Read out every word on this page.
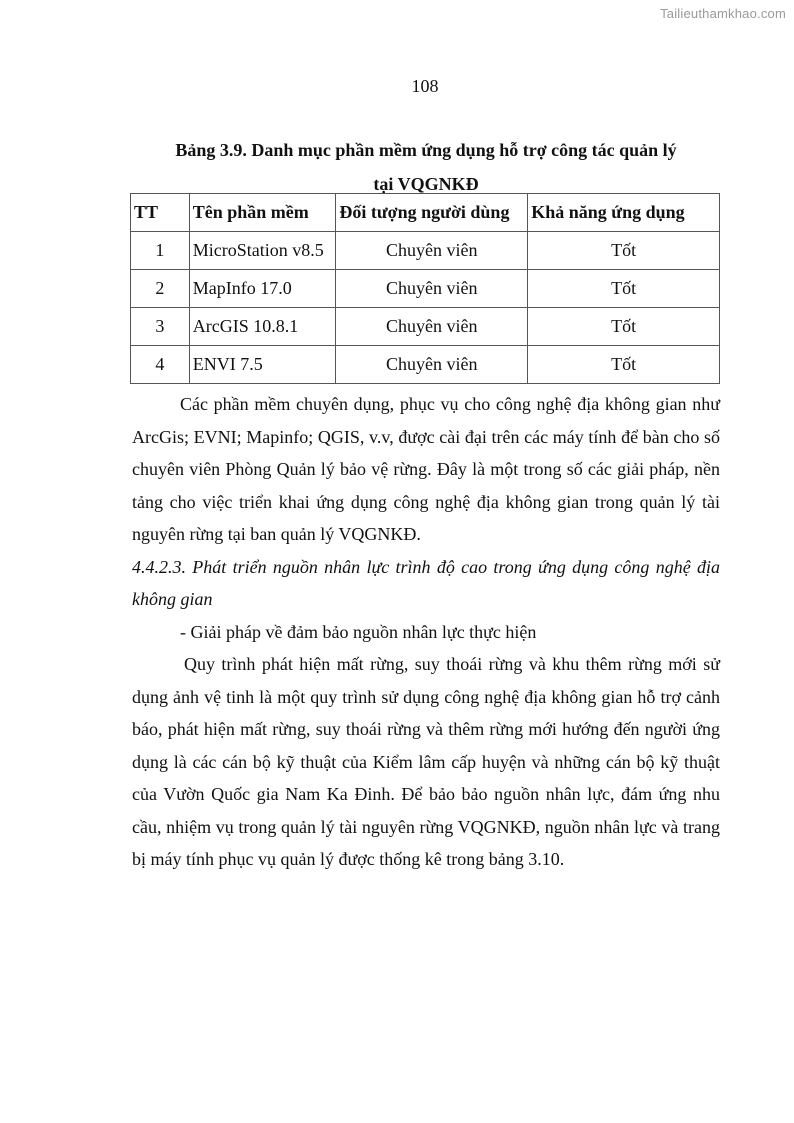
Tailieuthamkhao.com
108
Bảng 3.9. Danh mục phần mềm ứng dụng hỗ trợ công tác quản lý
tại VQGNKĐ
TT	Tên phần mềm	Đối tượng người dùng	Khả năng ứng dụng
1	MicroStation v8.5	Chuyên viên	Tốt
2	MapInfo 17.0	Chuyên viên	Tốt
3	ArcGIS 10.8.1	Chuyên viên	Tốt
4	ENVI 7.5	Chuyên viên	Tốt

Các phần mềm chuyên dụng, phục vụ cho công nghệ địa không gian như ArcGis; EVNI; Mapinfo; QGIS, v.v, được cài đại trên các máy tính để bàn cho số chuyên viên Phòng Quản lý bảo vệ rừng. Đây là một trong số các giải pháp, nền tảng cho việc triển khai ứng dụng công nghệ địa không gian trong quản lý tài nguyên rừng tại ban quản lý VQGNKĐ.

4.4.2.3. Phát triển nguồn nhân lực trình độ cao trong ứng dụng công nghệ địa không gian

- Giải pháp về đảm bảo nguồn nhân lực thực hiện

Quy trình phát hiện mất rừng, suy thoái rừng và khu thêm rừng mới sử dụng ảnh vệ tinh là một quy trình sử dụng công nghệ địa không gian hỗ trợ cảnh báo, phát hiện mất rừng, suy thoái rừng và thêm rừng mới hướng đến người ứng dụng là các cán bộ kỹ thuật của Kiểm lâm cấp huyện và những cán bộ kỹ thuật của Vườn Quốc gia Nam Ka Đinh. Để bảo bảo nguồn nhân lực, đám ứng nhu cầu, nhiệm vụ trong quản lý tài nguyên rừng VQGNKĐ, nguồn nhân lực và trang bị máy tính phục vụ quản lý được thống kê trong bảng 3.10.
